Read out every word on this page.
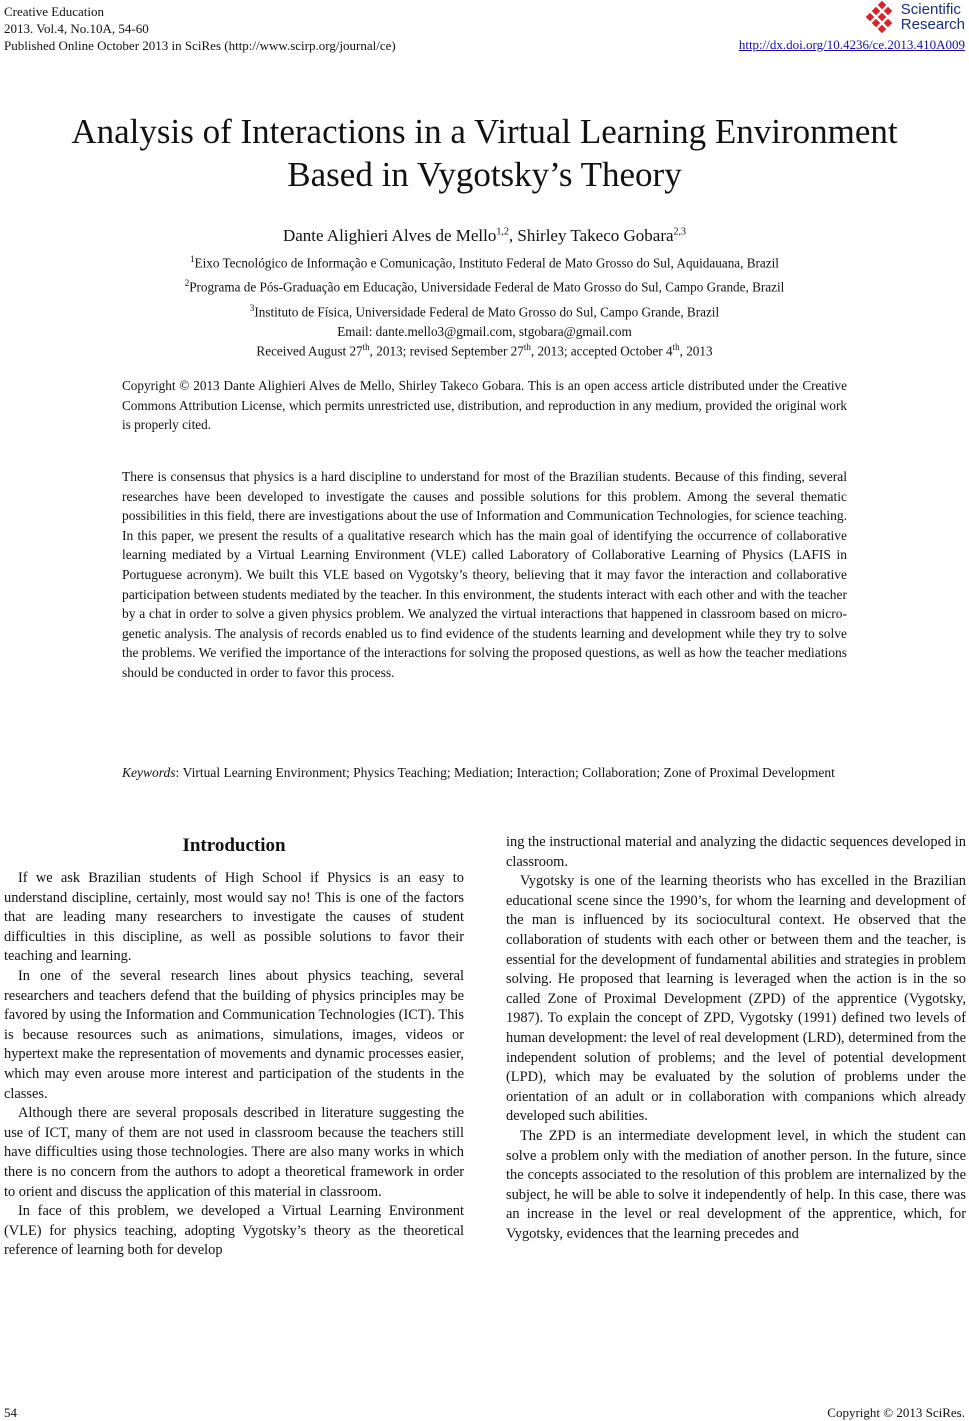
Creative Education
2013. Vol.4, No.10A, 54-60
Published Online October 2013 in SciRes (http://www.scirp.org/journal/ce)
Scientific
Research
http://dx.doi.org/10.4236/ce.2013.410A009
Analysis of Interactions in a Virtual Learning Environment
Based in Vygotsky’s Theory
Dante Alighieri Alves de Mello$^{1,2}$, Shirley Takeco Gobara$^{2,3}$
$^1$Eixo Tecnológico de Informação e Comunicação, Instituto Federal de Mato Grosso do Sul, Aquidauana, Brazil
$^2$Programa de Pós-Graduação em Educação, Universidade Federal de Mato Grosso do Sul, Campo Grande, Brazil
$^3$Instituto de Física, Universidade Federal de Mato Grosso do Sul, Campo Grande, Brazil
Email: dante.mello3@gmail.com, stgobara@gmail.com
Received August 27th, 2013; revised September 27th, 2013; accepted October 4th, 2013
Copyright © 2013 Dante Alighieri Alves de Mello, Shirley Takeco Gobara. This is an open access article distributed under the Creative Commons Attribution License, which permits unrestricted use, distribution, and reproduction in any medium, provided the original work is properly cited.
There is consensus that physics is a hard discipline to understand for most of the Brazilian students. Because of this finding, several researches have been developed to investigate the causes and possible solutions for this problem. Among the several thematic possibilities in this field, there are investigations about the use of Information and Communication Technologies, for science teaching. In this paper, we present the results of a qualitative research which has the main goal of identifying the occurrence of collaborative learning mediated by a Virtual Learning Environment (VLE) called Laboratory of Collaborative Learning of Physics (LAFIS in Portuguese acronym). We built this VLE based on Vygotsky’s theory, believing that it may favor the interaction and collaborative participation between students mediated by the teacher. In this environment, the students interact with each other and with the teacher by a chat in order to solve a given physics problem. We analyzed the virtual interactions that happened in classroom based on microgenetic analysis. The analysis of records enabled us to find evidence of the students learning and development while they try to solve the problems. We verified the importance of the interactions for solving the proposed questions, as well as how the teacher mediations should be conducted in order to favor this process.
Keywords : Virtual Learning Environment; Physics Teaching; Mediation; Interaction; Collaboration; Zone of Proximal Development
Introduction

If we ask Brazilian students of High School if Physics is an easy to understand discipline, certainly, most would say no! This is one of the factors that are leading many researchers to investigate the causes of student difficulties in this discipline, as well as possible solutions to favor their teaching and learning.

In one of the several research lines about physics teaching, several researchers and teachers defend that the building of physics principles may be favored by using the Information and Communication Technologies (ICT). This is because resources such as animations, simulations, images, videos or hypertext make the representation of movements and dynamic processes easier, which may even arouse more interest and participation of the students in the classes.

Although there are several proposals described in literature suggesting the use of ICT, many of them are not used in classroom because the teachers still have difficulties using those technologies. There are also many works in which there is no concern from the authors to adopt a theoretical framework in order to orient and discuss the application of this material in classroom.

In face of this problem, we developed a Virtual Learning Environment (VLE) for physics teaching, adopting Vygotsky’s theory as the theoretical reference of learning both for develop

ing the instructional material and analyzing the didactic sequences developed in classroom.

Vygotsky is one of the learning theorists who has excelled in the Brazilian educational scene since the 1990’s, for whom the learning and development of the man is influenced by its sociocultural context. He observed that the collaboration of students with each other or between them and the teacher, is essential for the development of fundamental abilities and strategies in problem solving. He proposed that learning is leveraged when the action is in the so called Zone of Proximal Development (ZPD) of the apprentice (Vygotsky, 1987). To explain the concept of ZPD, Vygotsky (1991) defined two levels of human development: the level of real development (LRD), determined from the independent solution of problems; and the level of potential development (LPD), which may be evaluated by the solution of problems under the orientation of an adult or in collaboration with companions which already developed such abilities.

The ZPD is an intermediate development level, in which the student can solve a problem only with the mediation of another person. In the future, since the concepts associated to the resolution of this problem are internalized by the subject, he will be able to solve it independently of help. In this case, there was an increase in the level or real development of the apprentice, which, for Vygotsky, evidences that the learning precedes and

54	Copyright © 2013 SciRes.
